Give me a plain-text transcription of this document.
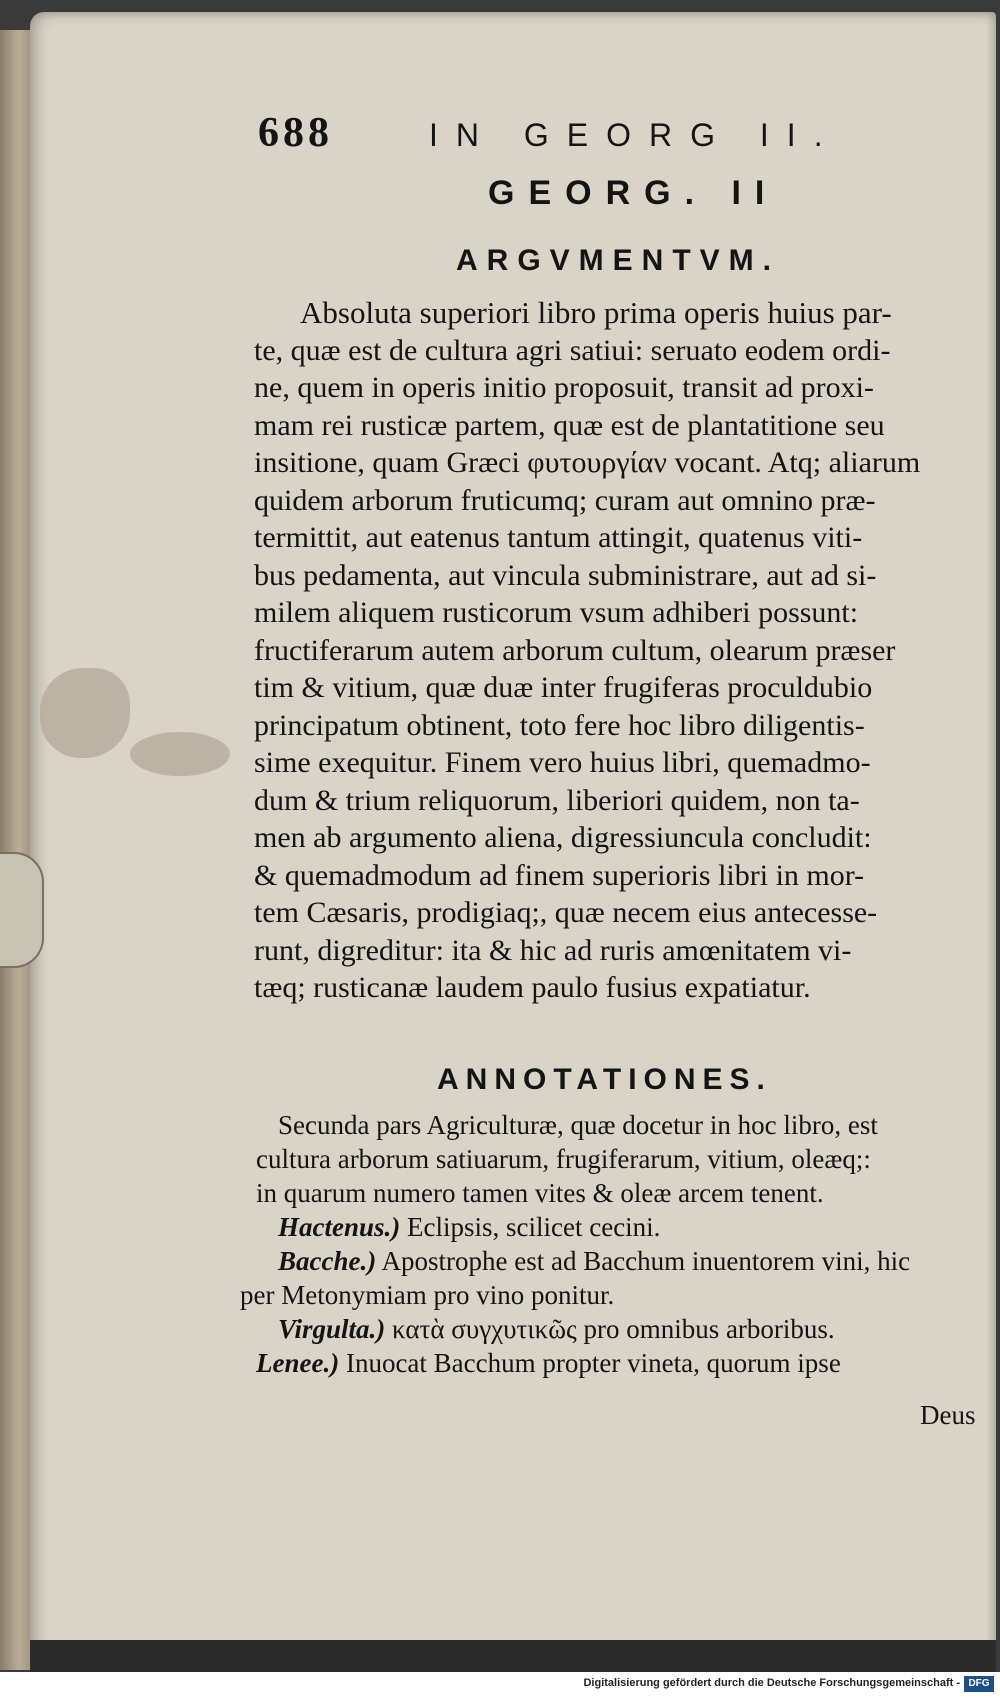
688	IN GEORG II.
GEORG. II
ARGVMENTVM.
Absoluta superiori libro prima operis huius par-
te, quæ est de cultura agri satiui: seruato eodem ordi-
ne, quem in operis initio proposuit, transit ad proxi-
mam rei rusticæ partem, quæ est de plantatitione seu
insitione, quam Græci φυτουργίαν vocant. Atq; aliarum
quidem arborum fruticumq; curam aut omnino præ-
termittit, aut eatenus tantum attingit, quatenus viti-
bus pedamenta, aut vincula subministrare, aut ad si-
milem aliquem rusticorum vsum adhiberi possunt:
fructiferarum autem arborum cultum, olearum præser
tim & vitium, quæ duæ inter frugiferas proculdubio
principatum obtinent, toto fere hoc libro diligentis-
sime exequitur. Finem vero huius libri, quemadmo-
dum & trium reliquorum, liberiori quidem, non ta-
men ab argumento aliena, digressiuncula concludit:
& quemadmodum ad finem superioris libri in mor-
tem Cæsaris, prodigiaq;, quæ necem eius antecesse-
runt, digreditur: ita & hic ad ruris amœnitatem vi-
tæq; rusticanæ laudem paulo fusius expatiatur.
ANNOTATIONES.
Secunda pars Agriculturæ, quæ docetur in hoc libro, est
cultura arborum satiuarum, frugiferarum, vitium, oleæq;:
in quarum numero tamen vites & oleæ arcem tenent.
Hactenus.) Eclipsis, scilicet cecini.
Bacche.) Apostrophe est ad Bacchum inuentorem vini, hic
per Metonymiam pro vino ponitur.
Virgulta.) κατὰ συγχυτικῶς pro omnibus arboribus.
Lenee.) Inuocat Bacchum propter vineta, quorum ipse
Deus
Digitalisierung gefördert durch die Deutsche Forschungsgemeinschaft - DFG
